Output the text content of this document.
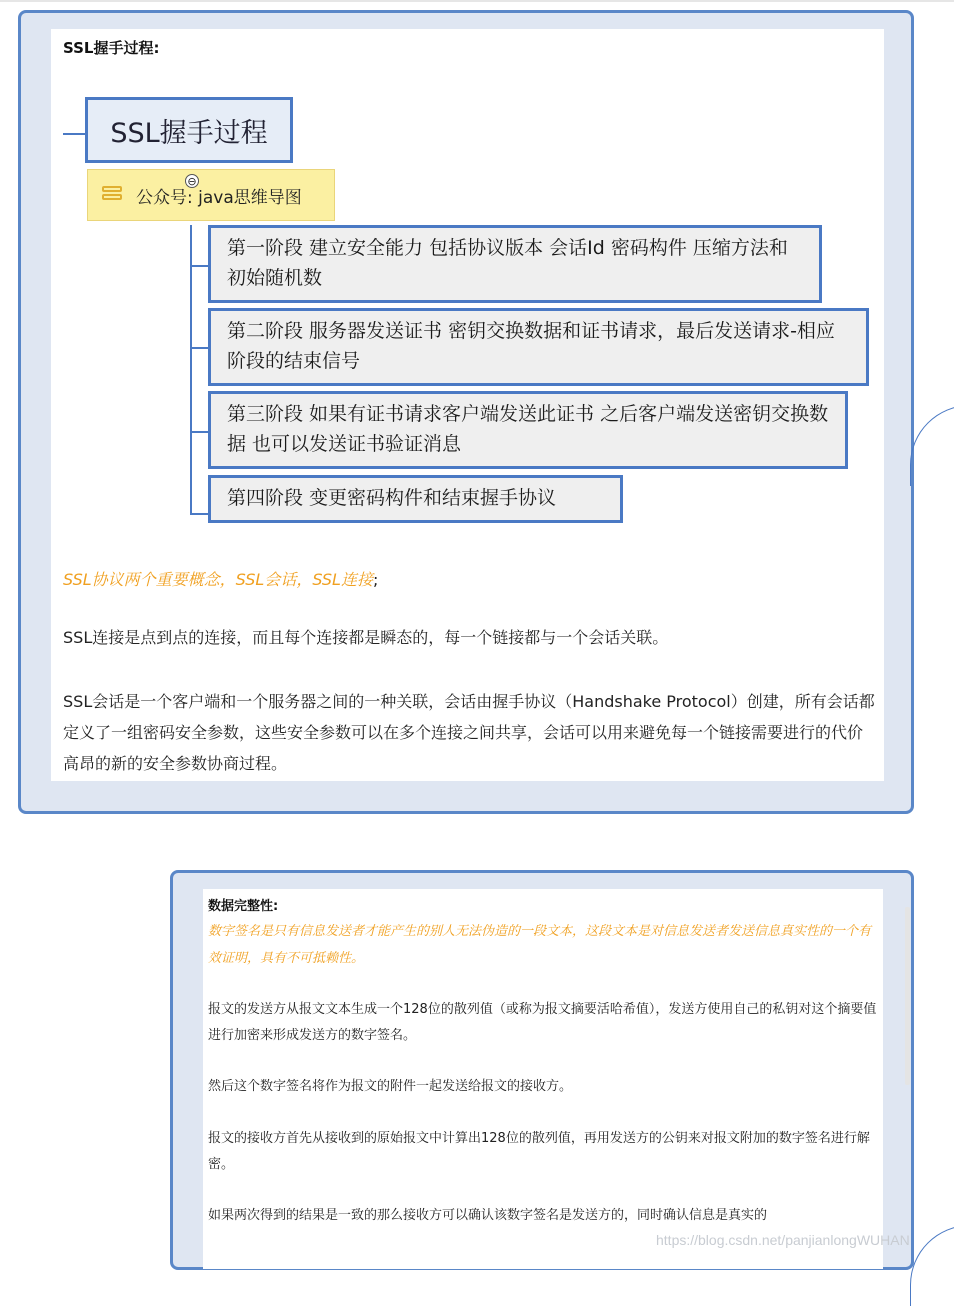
SSL握手过程:
SSL握手过程
公众号: java思维导图
⊖
第一阶段 建立安全能力 包括协议版本 会话Id 密码构件 压缩方法和初始随机数
第二阶段 服务器发送证书 密钥交换数据和证书请求，最后发送请求-相应阶段的结束信号
第三阶段 如果有证书请求客户端发送此证书 之后客户端发送密钥交换数据 也可以发送证书验证消息
第四阶段 变更密码构件和结束握手协议
SSL协议两个重要概念，SSL会话，SSL连接;
SSL连接是点到点的连接，而且每个连接都是瞬态的，每一个链接都与一个会话关联。
SSL会话是一个客户端和一个服务器之间的一种关联，会话由握手协议（Handshake Protocol）创建，所有会话都定义了一组密码安全参数，这些安全参数可以在多个连接之间共享，会话可以用来避免每一个链接需要进行的代价高昂的新的安全参数协商过程。
数据完整性:
数字签名是只有信息发送者才能产生的别人无法伪造的一段文本，这段文本是对信息发送者发送信息真实性的一个有效证明，具有不可抵赖性。
报文的发送方从报文文本生成一个128位的散列值（或称为报文摘要活哈希值），发送方使用自己的私钥对这个摘要值进行加密来形成发送方的数字签名。
然后这个数字签名将作为报文的附件一起发送给报文的接收方。
报文的接收方首先从接收到的原始报文中计算出128位的散列值，再用发送方的公钥来对报文附加的数字签名进行解密。
如果两次得到的结果是一致的那么接收方可以确认该数字签名是发送方的，同时确认信息是真实的
https://blog.csdn.net/panjianlongWUHAN
